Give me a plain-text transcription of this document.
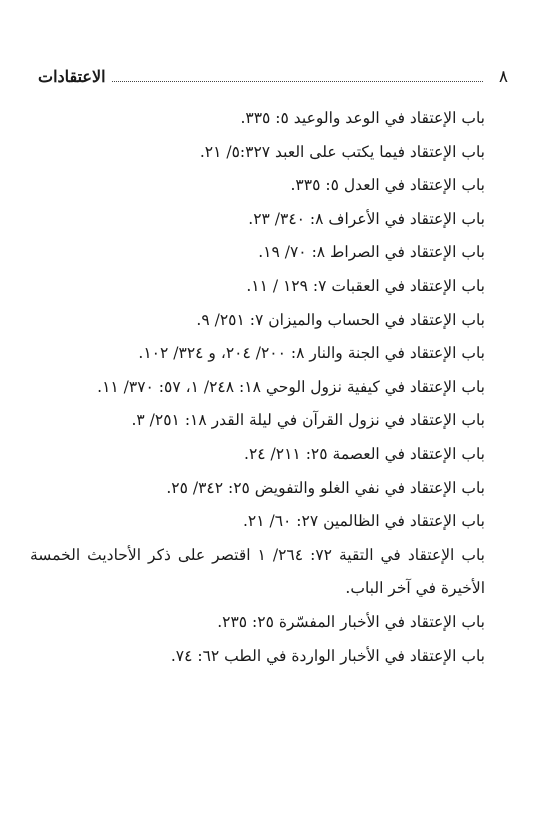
٨
الاعتقادات
باب الإعتقاد في الوعد والوعيد ٥: ٣٣٥.
باب الإعتقاد فيما يكتب على العبد ٥:٣٢٧/ ٢١.
باب الإعتقاد في العدل ٥: ٣٣٥.
باب الإعتقاد في الأعراف ٨: ٣٤٠/ ٢٣.
باب الإعتقاد في الصراط ٨: ٧٠/ ١٩.
باب الإعتقاد في العقبات ٧: ١٢٩ / ١١.
باب الإعتقاد في الحساب والميزان ٧: ٢٥١/ ٩.
باب الإعتقاد في الجنة والنار ٨: ٢٠٠/ ٢٠٤، و ٣٢٤/ ١٠٢.
باب الإعتقاد في كيفية نزول الوحي ١٨: ٢٤٨/ ١، ٥٧: ٣٧٠/ ١١.
باب الإعتقاد في نزول القرآن في ليلة القدر ١٨: ٢٥١/ ٣.
باب الإعتقاد في العصمة ٢٥: ٢١١/ ٢٤.
باب الإعتقاد في نفي الغلو والتفويض ٢٥: ٣٤٢/ ٢٥.
باب الإعتقاد في الظالمين ٢٧: ٦٠/ ٢١.
باب الإعتقاد في التقية ٧٢: ٢٦٤/ ١ اقتصر على ذكر الأحاديث الخمسة الأخيرة في آخر الباب.
باب الإعتقاد في الأخبار المفسّرة ٢٥: ٢٣٥.
باب الإعتقاد في الأخبار الواردة في الطب ٦٢: ٧٤.
